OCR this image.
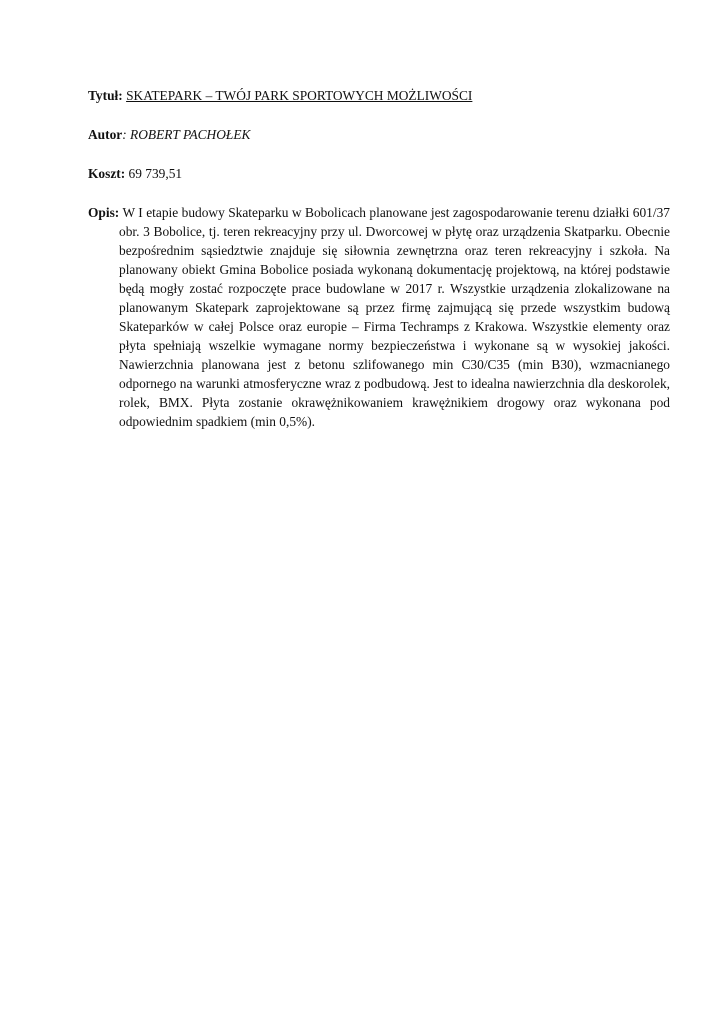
Tytuł: SKATEPARK – TWÓJ PARK SPORTOWYCH MOŻLIWOŚCI
Autor: ROBERT PACHOŁEK
Koszt: 69 739,51

Opis: W I etapie budowy Skateparku w Bobolicach planowane jest zagospodarowanie terenu działki 601/37 obr. 3 Bobolice, tj. teren rekreacyjny przy ul. Dworcowej w płytę oraz urządzenia Skatparku. Obecnie bezpośrednim sąsiedztwie znajduje się siłownia zewnętrzna oraz teren rekreacyjny i szkoła. Na planowany obiekt Gmina Bobolice posiada wykonaną dokumentację projektową, na której podstawie będą mogły zostać rozpoczęte prace budowlane w 2017 r. Wszystkie urządzenia zlokalizowane na planowanym Skatepark zaprojektowane są przez firmę zajmującą się przede wszystkim budową Skateparków w całej Polsce oraz europie – Firma Techramps z Krakowa. Wszystkie elementy oraz płyta spełniają wszelkie wymagane normy bezpieczeństwa i wykonane są w wysokiej jakości. Nawierzchnia planowana jest z betonu szlifowanego min C30/C35 (min B30), wzmacnianego odpornego na warunki atmosferyczne wraz z podbudową. Jest to idealna nawierzchnia dla deskorolek, rolek, BMX. Płyta zostanie okrawężnikowaniem krawężnikiem drogowy oraz wykonana pod odpowiednim spadkiem (min 0,5%).
